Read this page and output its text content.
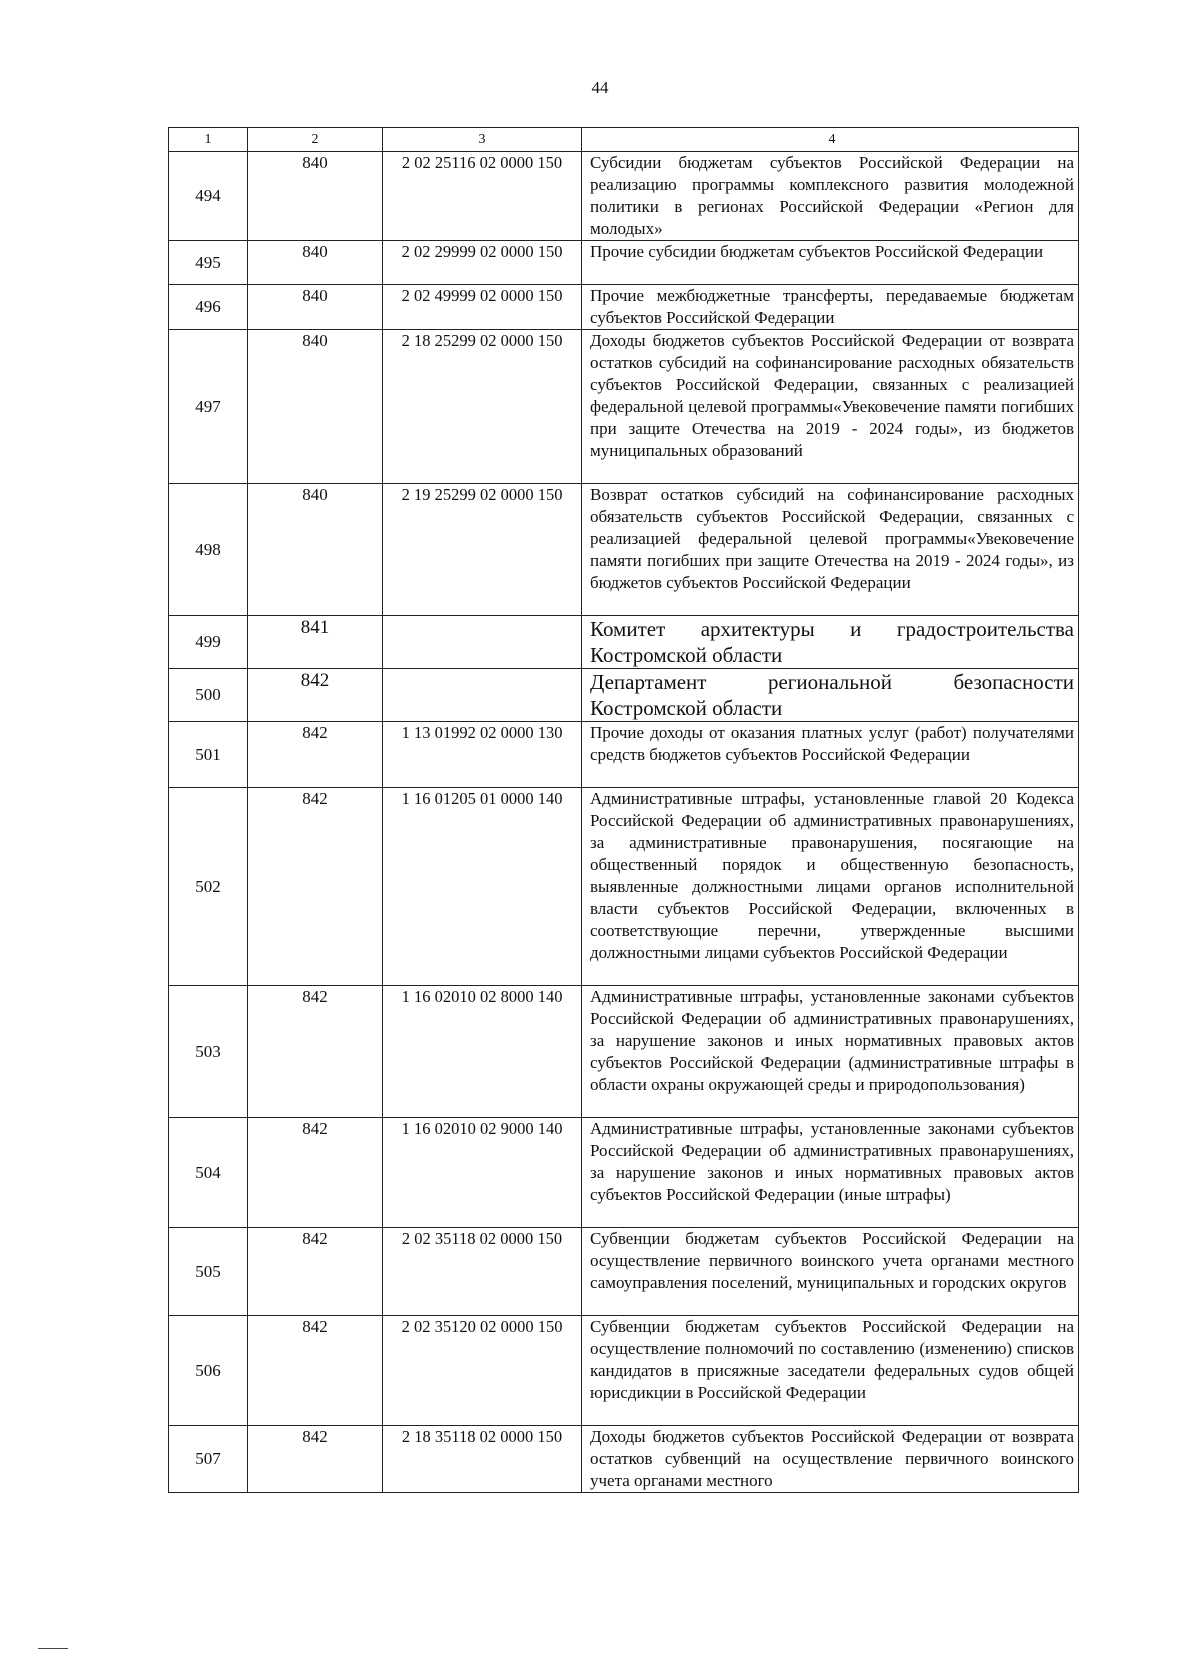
44
1	2	3	4
494	840	2 02 25116 02 0000 150	Субсидии бюджетам субъектов Российской Федерации на реализацию программы комплексного развития молодежной политики в регионах Российской Федерации «Регион для молодых»
495	840	2 02 29999 02 0000 150	Прочие субсидии бюджетам субъектов Российской Федерации
496	840	2 02 49999 02 0000 150	Прочие межбюджетные трансферты, передаваемые бюджетам субъектов Российской Федерации
497	840	2 18 25299 02 0000 150	Доходы бюджетов субъектов Российской Федерации от возврата остатков субсидий на софинансирование расходных обязательств субъектов Российской Федерации, связанных с реализацией федеральной целевой программы«Увековечение памяти погибших при защите Отечества на 2019 - 2024 годы», из бюджетов муниципальных образований
498	840	2 19 25299 02 0000 150	Возврат остатков субсидий на софинансирование расходных обязательств субъектов Российской Федерации, связанных с реализацией федеральной целевой программы«Увековечение памяти погибших при защите Отечества на 2019 - 2024 годы», из бюджетов субъектов Российской Федерации
499	841		Комитет архитектуры и градостроительства Костромской области
500	842		Департамент региональной безопасности Костромской области
501	842	1 13 01992 02 0000 130	Прочие доходы от оказания платных услуг (работ) получателями средств бюджетов субъектов Российской Федерации
502	842	1 16 01205 01 0000 140	Административные штрафы, установленные главой 20 Кодекса Российской Федерации об административных правонарушениях, за административные правонарушения, посягающие на общественный порядок и общественную безопасность, выявленные должностными лицами органов исполнительной власти субъектов Российской Федерации, включенных в соответствующие перечни, утвержденные высшими должностными лицами субъектов Российской Федерации
503	842	1 16 02010 02 8000 140	Административные штрафы, установленные законами субъектов Российской Федерации об административных правонарушениях, за нарушение законов и иных нормативных правовых актов субъектов Российской Федерации (административные штрафы в области охраны окружающей среды и природопользования)
504	842	1 16 02010 02 9000 140	Административные штрафы, установленные законами субъектов Российской Федерации об административных правонарушениях, за нарушение законов и иных нормативных правовых актов субъектов Российской Федерации (иные штрафы)
505	842	2 02 35118 02 0000 150	Субвенции бюджетам субъектов Российской Федерации на осуществление первичного воинского учета органами местного самоуправления поселений, муниципальных и городских округов
506	842	2 02 35120 02 0000 150	Субвенции бюджетам субъектов Российской Федерации на осуществление полномочий по составлению (изменению) списков кандидатов в присяжные заседатели федеральных судов общей юрисдикции в Российской Федерации
507	842	2 18 35118 02 0000 150	Доходы бюджетов субъектов Российской Федерации от возврата остатков субвенций на осуществление первичного воинского учета органами местного
